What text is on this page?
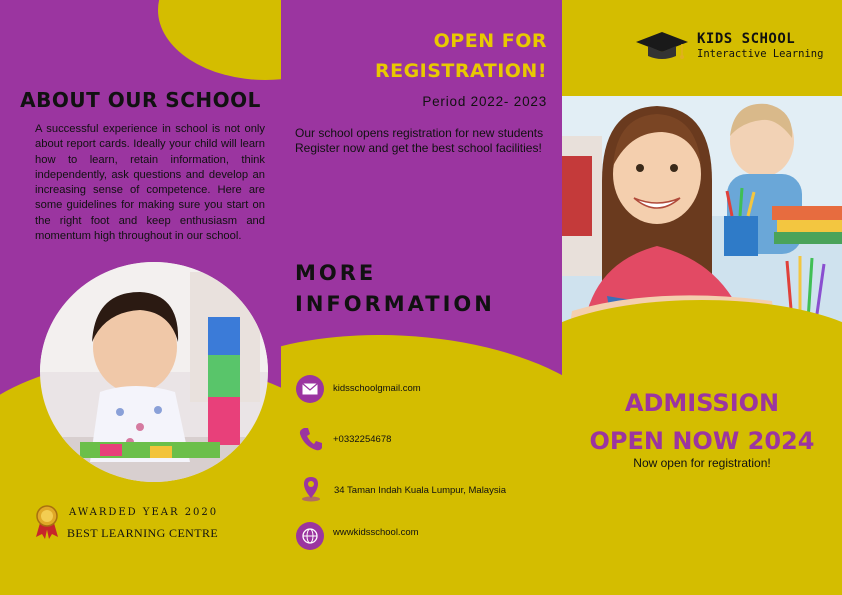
ABOUT OUR SCHOOL
A successful experience in school is not only about report cards. Ideally your child will learn how to learn, retain information, think independently, ask questions and develop an increasing sense of competence. Here are some guidelines for making sure you start on the right foot and keep enthusiasm and momentum high throughout in our school.
AWARDED YEAR 2020
BEST LEARNING CENTRE
OPEN FOR
REGISTRATION!
Period 2022- 2023
Our school opens registration for new students
Register now and get the best school facilities!
MORE
INFORMATION
kidsschoolgmail.com
+0332254678
34 Taman Indah Kuala Lumpur, Malaysia
wwwkidsschool.com
KIDS SCHOOL
Interactive Learning
ADMISSION
OPEN NOW 2024
Now open for registration!
